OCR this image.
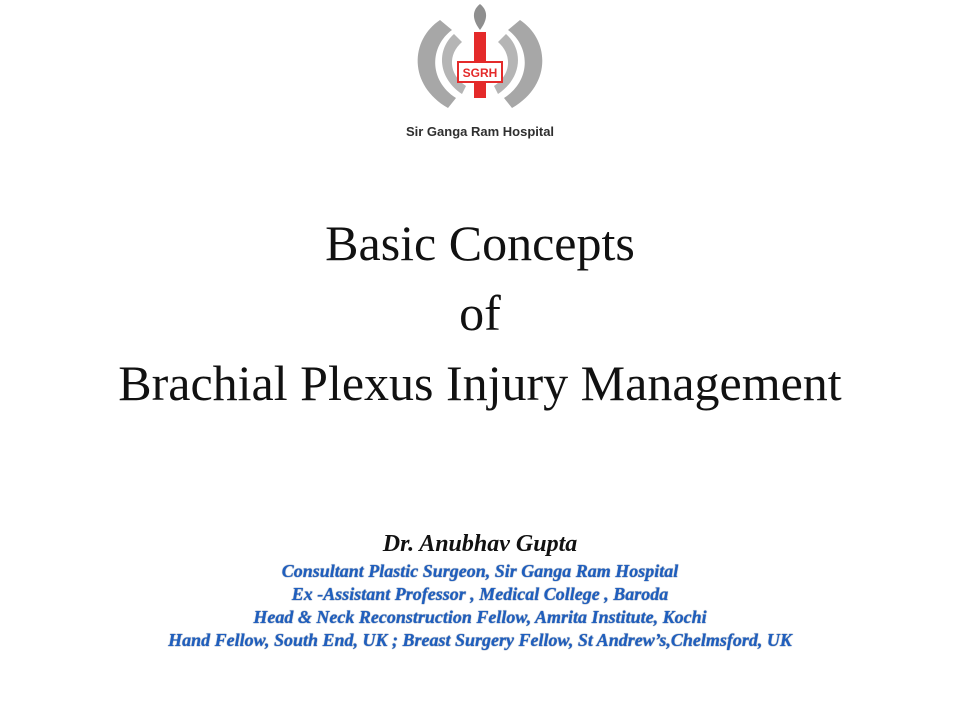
SGRH
Sir Ganga Ram Hospital
Basic Concepts
of
Brachial Plexus Injury Management
Dr. Anubhav Gupta
Consultant Plastic Surgeon, Sir Ganga Ram Hospital
Ex -Assistant Professor , Medical College , Baroda
Head & Neck Reconstruction Fellow, Amrita Institute, Kochi
Hand Fellow, South End, UK ; Breast Surgery Fellow, St Andrew’s,Chelmsford, UK
